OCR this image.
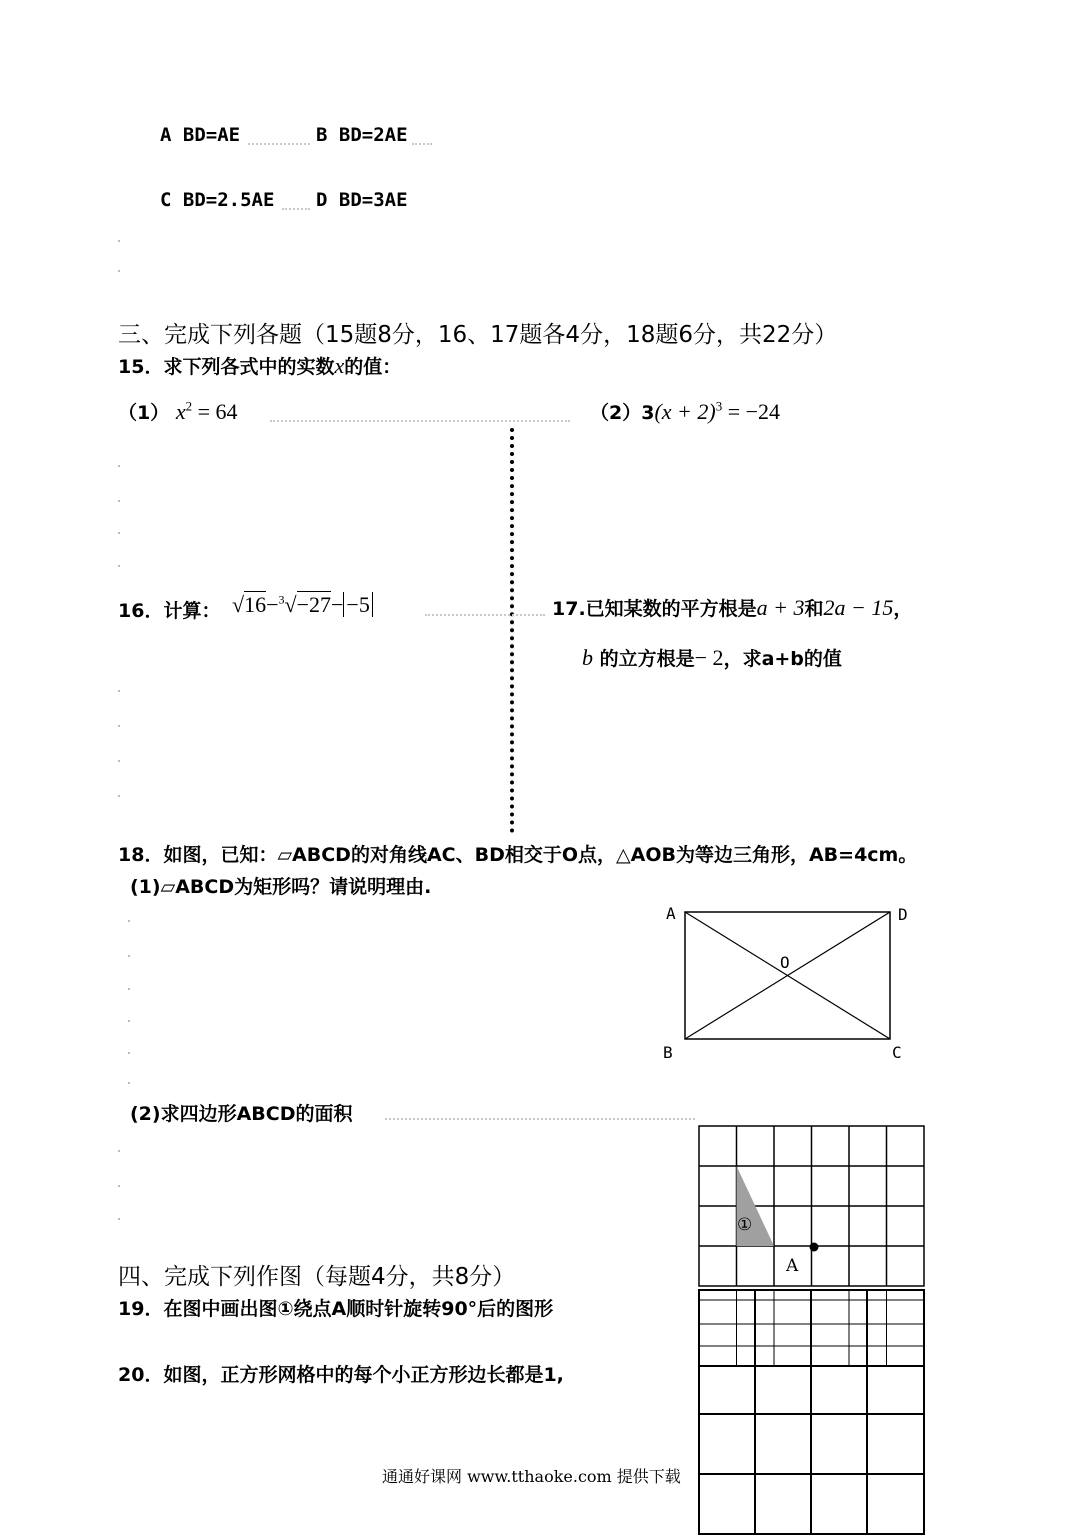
A BD=AE	B BD=2AE
C BD=2.5AE D BD=3AE
三、完成下列各题（15题8分，16、17题各4分，18题6分，共22分）
15．求下列各式中的实数x的值：
（1） $x^2 = 64$	$(2)3(x + 2)^3 = -24$
16．计算： √16−$^3$√−27− −5	17.已知某数的平方根是a + 3和2a − 15，
b 的立方根是− 2，求a+b的值
18．如图，已知：▱ABCD的对角线AC、BD相交于O点，△AOB为等边三角形，AB=4cm。
(1)▱ABCD为矩形吗？请说明理由.
A	D
O
B	C
(2)求四边形ABCD的面积
四、完成下列作图（每题4分，共8分）
19．在图中画出图①绕点A顺时针旋转90°后的图形
20．如图，正方形网格中的每个小正方形边长都是1,
①
A
通通好课网 www.tthaoke.com 提供下载
